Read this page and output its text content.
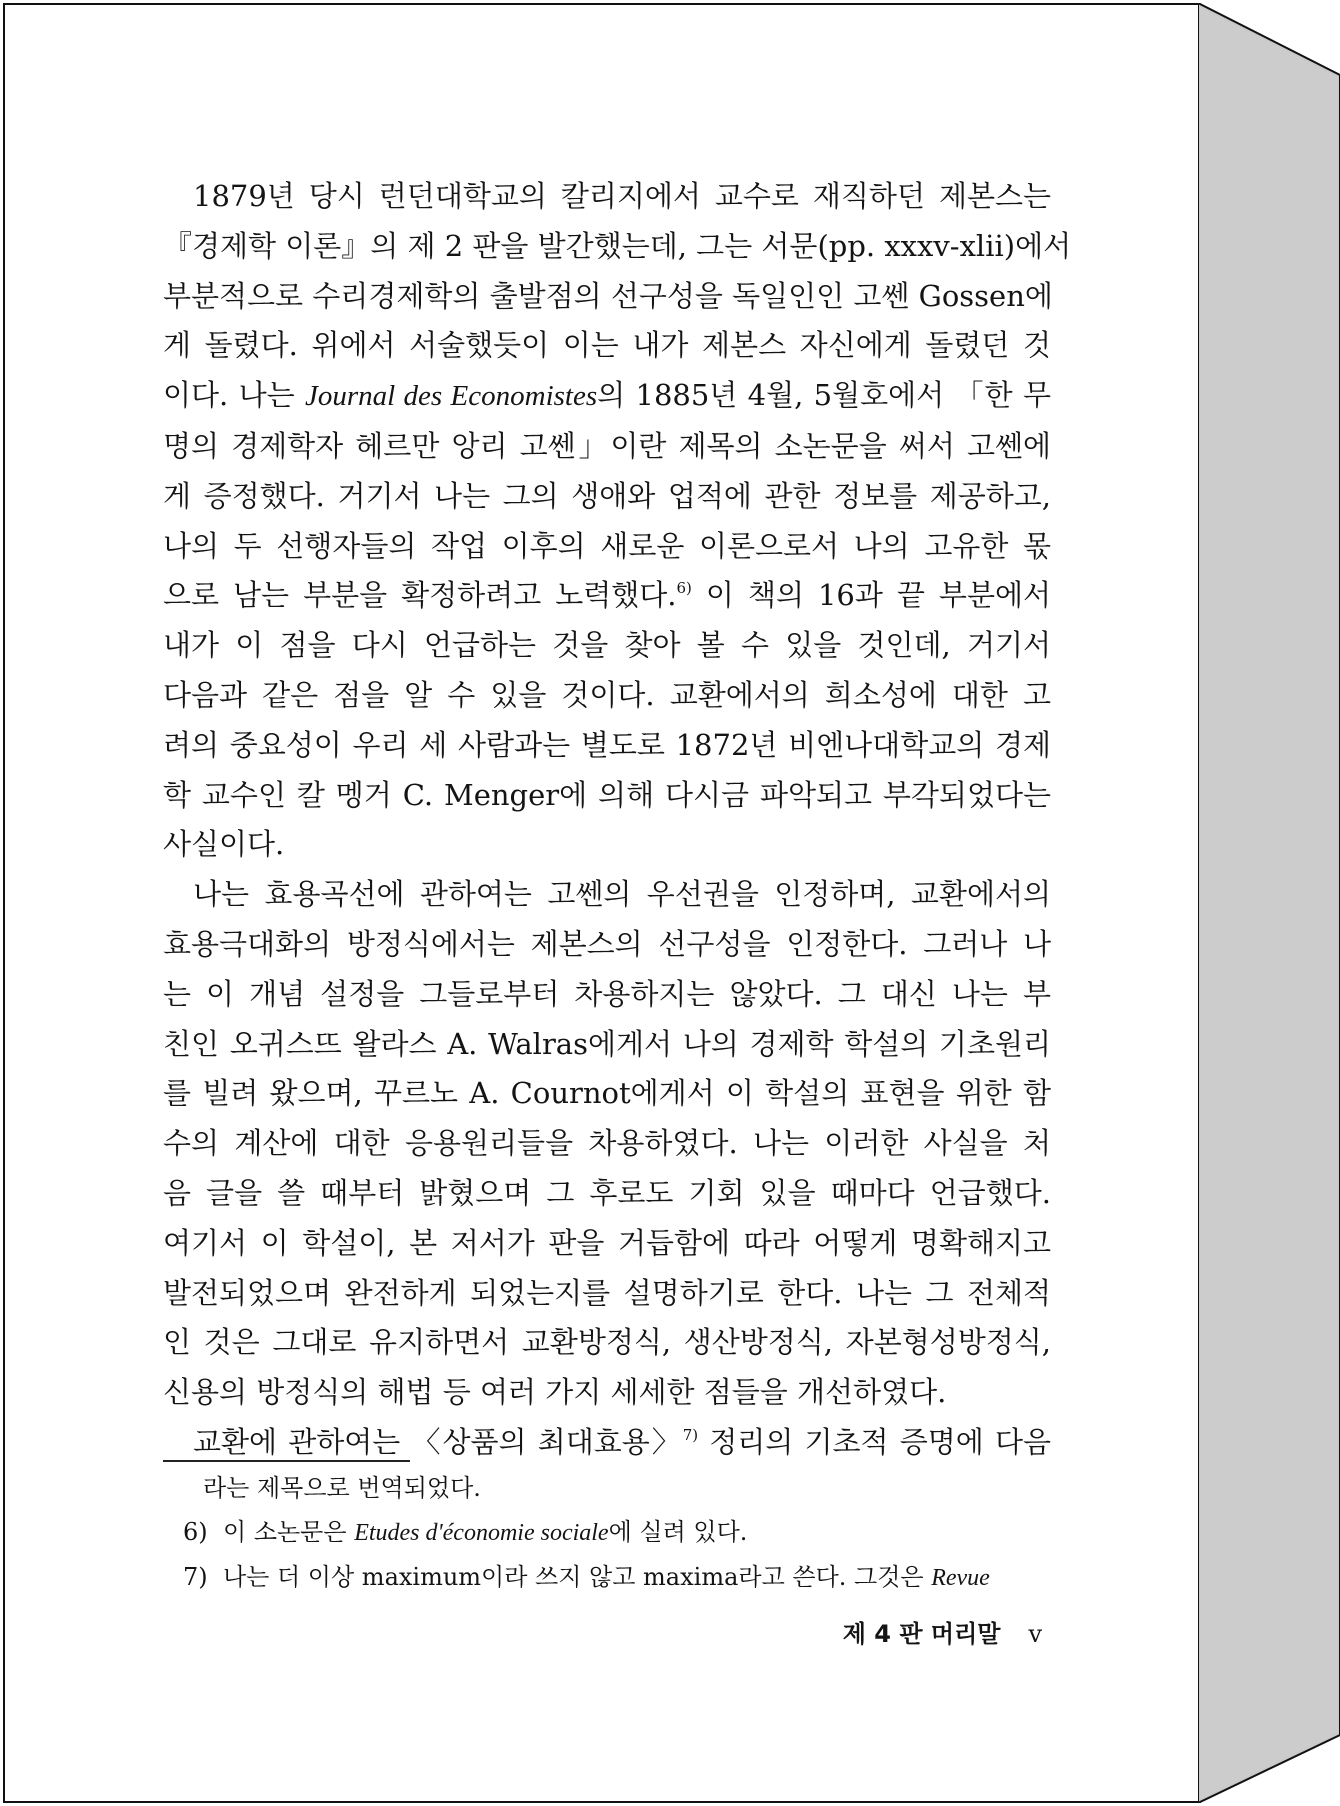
1879년 당시 런던대학교의 칼리지에서 교수로 재직하던 제본스는
『경제학 이론』의 제 2 판을 발간했는데, 그는 서문(pp. xxxv-xlii)에서
부분적으로 수리경제학의 출발점의 선구성을 독일인인 고쎈 Gossen에
게 돌렸다. 위에서 서술했듯이 이는 내가 제본스 자신에게 돌렸던 것
이다. 나는 Journal des Economistes의 1885년 4월, 5월호에서 「한 무
명의 경제학자 헤르만 앙리 고쎈」이란 제목의 소논문을 써서 고쎈에
게 증정했다. 거기서 나는 그의 생애와 업적에 관한 정보를 제공하고,
나의 두 선행자들의 작업 이후의 새로운 이론으로서 나의 고유한 몫
으로 남는 부분을 확정하려고 노력했다.$^{6)}$ 이 책의 16과 끝 부분에서
내가 이 점을 다시 언급하는 것을 찾아 볼 수 있을 것인데, 거기서
다음과 같은 점을 알 수 있을 것이다. 교환에서의 희소성에 대한 고
려의 중요성이 우리 세 사람과는 별도로 1872년 비엔나대학교의 경제
학 교수인 칼 멩거 C. Menger에 의해 다시금 파악되고 부각되었다는
사실이다.
나는 효용곡선에 관하여는 고쎈의 우선권을 인정하며, 교환에서의
효용극대화의 방정식에서는 제본스의 선구성을 인정한다. 그러나 나
는 이 개념 설정을 그들로부터 차용하지는 않았다. 그 대신 나는 부
친인 오귀스뜨 왈라스 A. Walras에게서 나의 경제학 학설의 기초원리
를 빌려 왔으며, 꾸르노 A. Cournot에게서 이 학설의 표현을 위한 함
수의 계산에 대한 응용원리들을 차용하였다. 나는 이러한 사실을 처
음 글을 쓸 때부터 밝혔으며 그 후로도 기회 있을 때마다 언급했다.
여기서 이 학설이, 본 저서가 판을 거듭함에 따라 어떻게 명확해지고
발전되었으며 완전하게 되었는지를 설명하기로 한다. 나는 그 전체적
인 것은 그대로 유지하면서 교환방정식, 생산방정식, 자본형성방정식,
신용의 방정식의 해법 등 여러 가지 세세한 점들을 개선하였다.
교환에 관하여는 〈상품의 최대효용〉$^{7)}$ 정리의 기초적 증명에 다음
라는 제목으로 번역되었다.
6) 이 소논문은 Etudes d'économie sociale에 실려 있다.
7) 나는 더 이상 maximum이라 쓰지 않고 maxima라고 쓴다. 그것은 Revue
제 4 판 머리말 v
